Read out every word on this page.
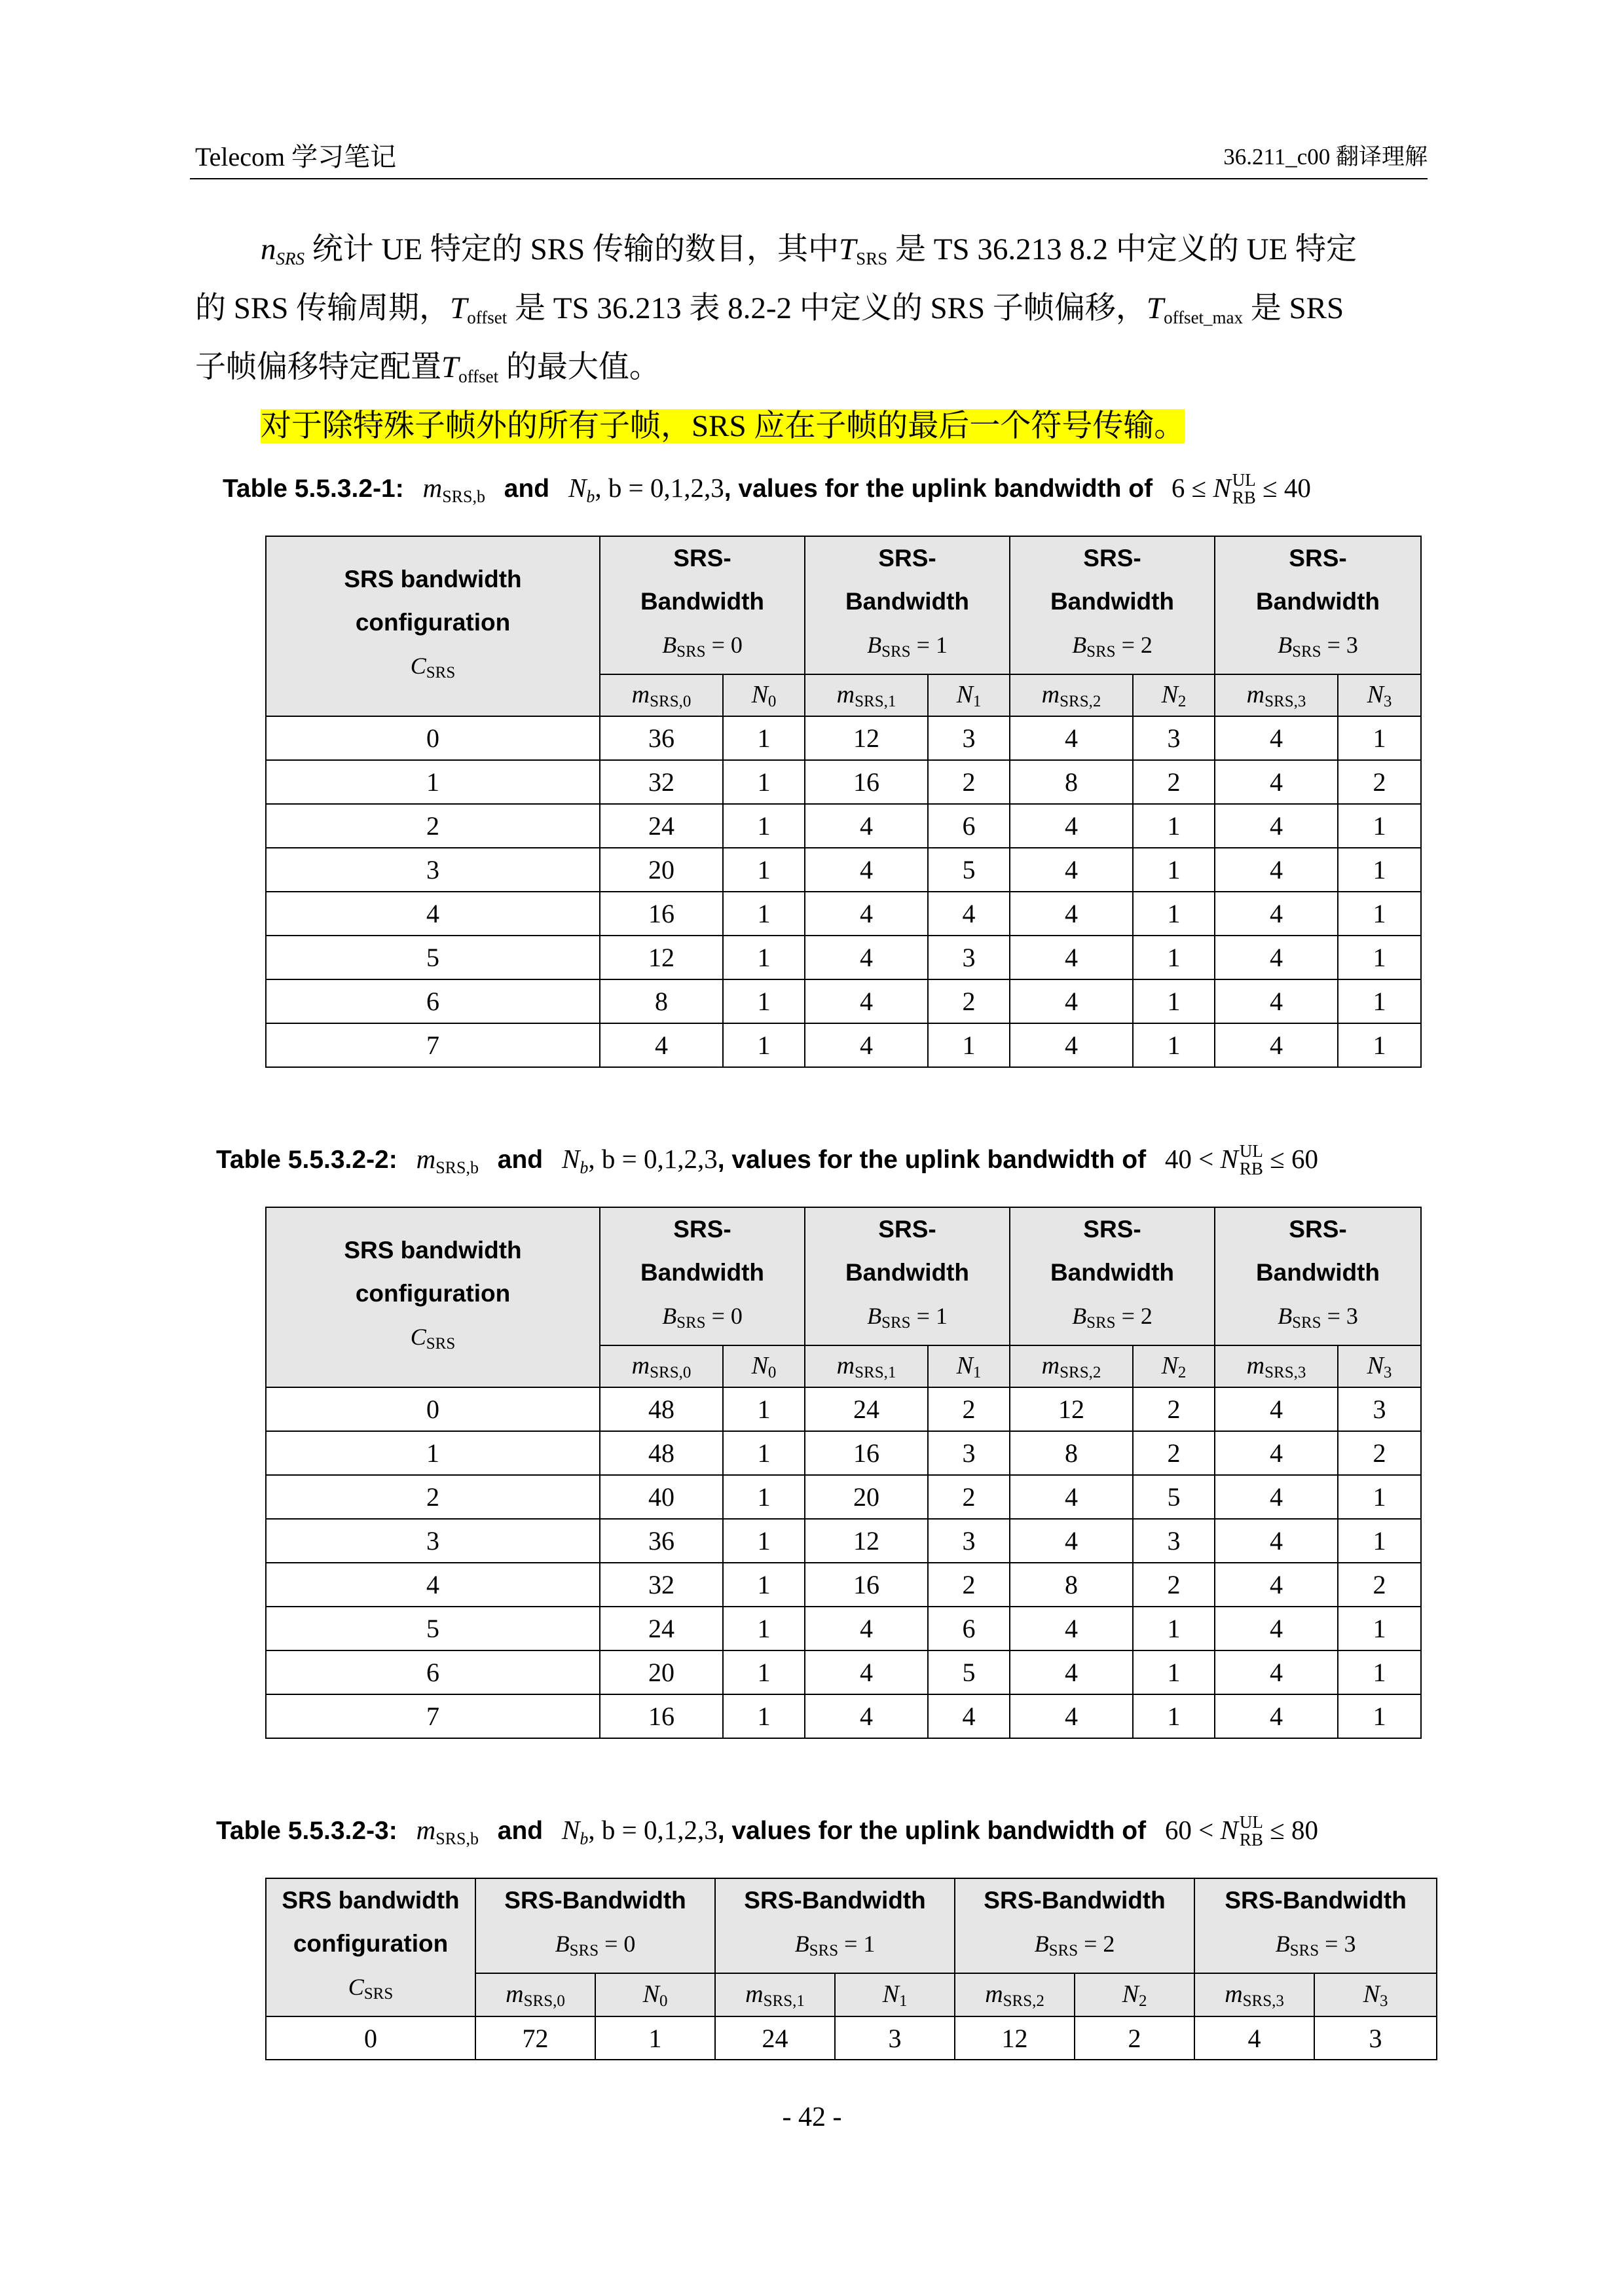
Telecom 学习笔记	36.211_c00 翻译理解
$n_{SRS}$ 统计 UE 特定的 SRS 传输的数目，其中$T_{SRS}$ 是 TS 36.213 8.2 中定义的 UE 特定
的 SRS 传输周期，$T_{offset}$ 是 TS 36.213 表 8.2-2 中定义的 SRS 子帧偏移，$T_{offset\_max}$ 是 SRS
子帧偏移特定配置$T_{offset}$ 的最大值。
对于除特殊子帧外的所有子帧，SRS 应在子帧的最后一个符号传输。
Table 5.5.3.2-1: $m_{SRS,b}$ and $N_b$, b = 0,1,2,3, values for the uplink bandwidth of 6 ≤ NUL
RB ≤ 40
SRS bandwidth
configuration
$C_{SRS}$	SRS-
Bandwidth
$B_{SRS} = 0$		SRS-
Bandwidth
$B_{SRS} = 1$		SRS-
Bandwidth
$B_{SRS} = 2$		SRS-
Bandwidth
$B_{SRS} = 3$	
	$m_{SRS,0}$	$N_0$	$m_{SRS,1}$	$N_1$	$m_{SRS,2}$	$N_2$	$m_{SRS,3}$	$N_3$
0	36	1	12	3	4	3	4	1
1	32	1	16	2	8	2	4	2
2	24	1	4	6	4	1	4	1
3	20	1	4	5	4	1	4	1
4	16	1	4	4	4	1	4	1
5	12	1	4	3	4	1	4	1
6	8	1	4	2	4	1	4	1
7	4	1	4	1	4	1	4	1
Table 5.5.3.2-2: $m_{SRS,b}$ and $N_b$, b = 0,1,2,3, values for the uplink bandwidth of 40 < NUL
RB ≤ 60
SRS bandwidth
configuration
$C_{SRS}$	SRS-
Bandwidth
$B_{SRS} = 0$		SRS-
Bandwidth
$B_{SRS} = 1$		SRS-
Bandwidth
$B_{SRS} = 2$		SRS-
Bandwidth
$B_{SRS} = 3$	
	$m_{SRS,0}$	$N_0$	$m_{SRS,1}$	$N_1$	$m_{SRS,2}$	$N_2$	$m_{SRS,3}$	$N_3$
0	48	1	24	2	12	2	4	3
1	48	1	16	3	8	2	4	2
2	40	1	20	2	4	5	4	1
3	36	1	12	3	4	3	4	1
4	32	1	16	2	8	2	4	2
5	24	1	4	6	4	1	4	1
6	20	1	4	5	4	1	4	1
7	16	1	4	4	4	1	4	1
Table 5.5.3.2-3: $m_{SRS,b}$ and $N_b$, b = 0,1,2,3, values for the uplink bandwidth of 60 < NUL
RB ≤ 80
SRS bandwidth
configuration
$C_{SRS}$	SRS-Bandwidth
$B_{SRS} = 0$		SRS-Bandwidth
$B_{SRS} = 1$		SRS-Bandwidth
$B_{SRS} = 2$		SRS-Bandwidth
$B_{SRS} = 3$	
	$m_{SRS,0}$	$N_0$	$m_{SRS,1}$	$N_1$	$m_{SRS,2}$	$N_2$	$m_{SRS,3}$	$N_3$
0	72	1	24	3	12	2	4	3
- 42 -
